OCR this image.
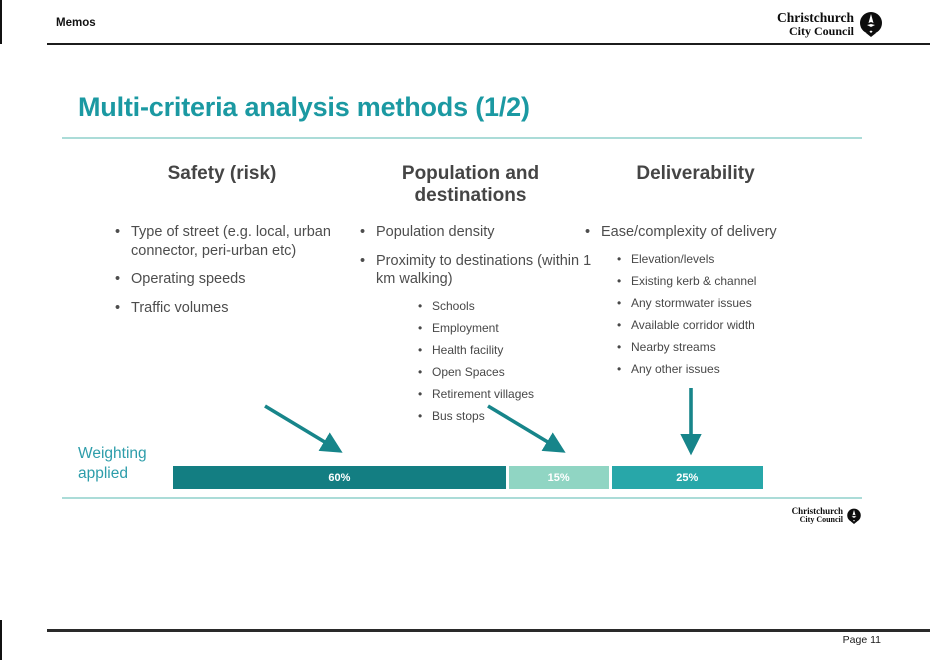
Memos	Christchurch
City Council
Multi-criteria analysis methods (1/2)
Safety (risk)
• Type of street (e.g. local, urban connector, peri-urban etc)
• Operating speeds
• Traffic volumes
Population and destinations
• Population density
• Proximity to destinations (within 1 km walking)
• Schools
• Employment
• Health facility
• Open Spaces
• Retirement villages
• Bus stops
Deliverability
• Ease/complexity of delivery
• Elevation/levels
• Existing kerb & channel
• Any stormwater issues
• Available corridor width
• Nearby streams
• Any other issues
Weighting
applied	60%	15%	25%
Christchurch
City Council
Page 11
